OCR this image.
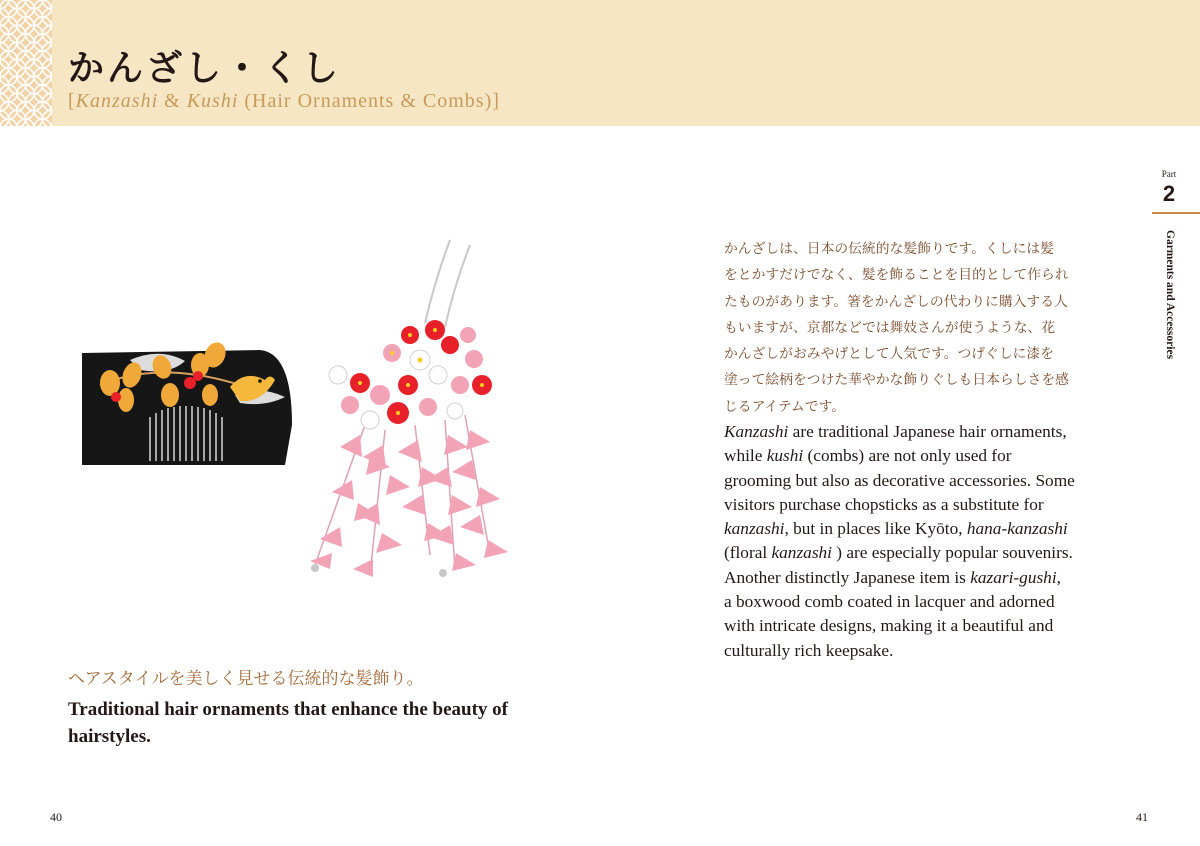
かんざし・くし
[Kanzashi & Kushi (Hair Ornaments & Combs)]
ヘアスタイルを美しく見せる伝統的な髪飾り。
Traditional hair ornaments that enhance the beauty of hairstyles.
かんざしは、日本の伝統的な髪飾りです。くしには髪
をとかすだけでなく、髪を飾ることを目的として作られ
たものがあります。箸をかんざしの代わりに購入する人
もいますが、京都などでは舞妓さんが使うような、花
かんざしがおみやげとして人気です。つげぐしに漆を
塗って絵柄をつけた華やかな飾りぐしも日本らしさを感
じるアイテムです。
Kanzashi are traditional Japanese hair ornaments,
while kushi (combs) are not only used for
grooming but also as decorative accessories. Some
visitors purchase chopsticks as a substitute for
kanzashi, but in places like Kyōto, hana-kanzashi
(floral kanzashi ) are especially popular souvenirs.
Another distinctly Japanese item is kazari-gushi,
a boxwood comb coated in lacquer and adorned
with intricate designs, making it a beautiful and
culturally rich keepsake.
Part
2
Garments and Accessories
40	41
